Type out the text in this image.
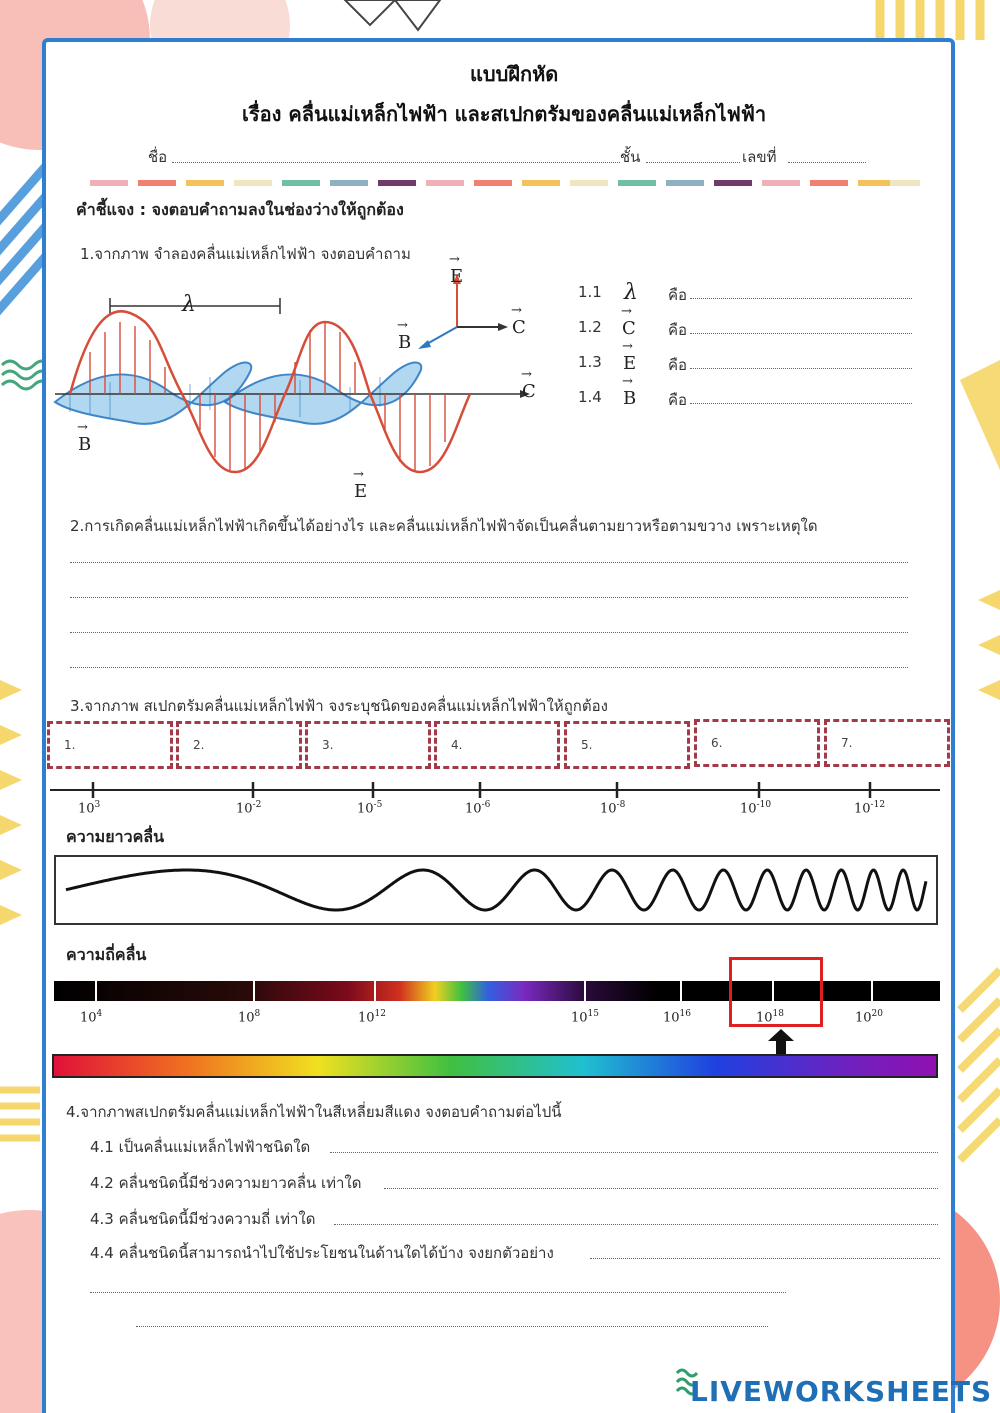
แบบฝึกหัด
เรื่อง คลื่นแม่เหล็กไฟฟ้า และสเปกตรัมของคลื่นแม่เหล็กไฟฟ้า
ชื่อ	ชั้น	เลขที่
คำชี้แจง : จงตอบคำถามลงในช่องว่างให้ถูกต้อง
1.จากภาพ จำลองคลื่นแม่เหล็กไฟฟ้า จงตอบคำถาม
λ
→ E
→ C
→ B
→ C
→ B
→ E
1.1 λ คือ
1.2 → C คือ
1.3 → E คือ
1.4 → B คือ
2.การเกิดคลื่นแม่เหล็กไฟฟ้าเกิดขึ้นได้อย่างไร และคลื่นแม่เหล็กไฟฟ้าจัดเป็นคลื่นตามยาวหรือตามขวาง เพราะเหตุใด
3.จากภาพ สเปกตรัมคลื่นแม่เหล็กไฟฟ้า จงระบุชนิดของคลื่นแม่เหล็กไฟฟ้าให้ถูกต้อง
1.	2.	3.	4.	5.	6.	7.
$10^3$	$10^{-2}$	$10^{-5}$	$10^{-6}$	$10^{-8}$	$10^{-10}$	$10^{-12}$
ความยาวคลื่น
ความถี่คลื่น
$10^4$	$10^8$	$10^{12}$	$10^{15}$	$10^{16}$	$10^{18}$	$10^{20}$
4.จากภาพสเปกตรัมคลื่นแม่เหล็กไฟฟ้าในสีเหลี่ยมสีแดง จงตอบคำถามต่อไปนี้
4.1 เป็นคลื่นแม่เหล็กไฟฟ้าชนิดใด
4.2 คลื่นชนิดนี้มีช่วงความยาวคลื่น เท่าใด
4.3 คลื่นชนิดนี้มีช่วงความถี่ เท่าใด
4.4 คลื่นชนิดนี้สามารถนำไปใช้ประโยชนในด้านใดได้บ้าง จงยกตัวอย่าง
LIVEWORKSHEETS
